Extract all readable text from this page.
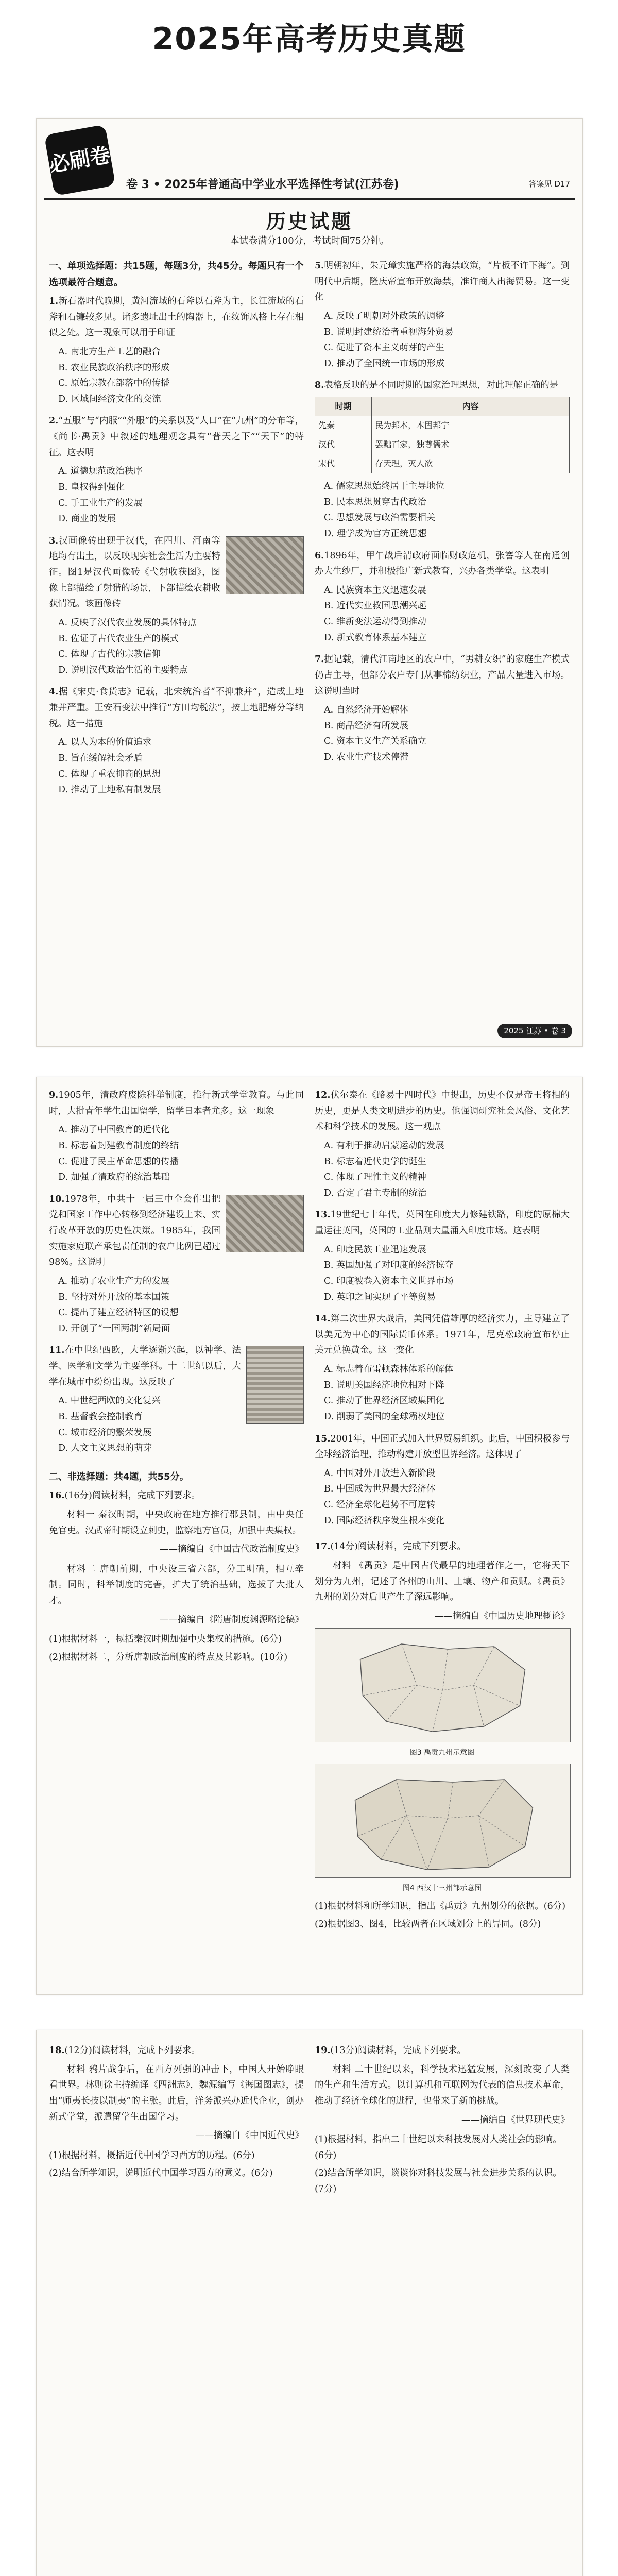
2025年高考历史真题
必刷卷
卷 3 • 2025年普通高中学业水平选择性考试(江苏卷)	答案见 D17
历史试题
本试卷满分100分，考试时间75分钟。

一、单项选择题：共15题，每题3分，共45分。每题只有一个选项最符合题意。

1.新石器时代晚期，黄河流域的石斧以石斧为主，长江流域的石斧和石镰较多见。诸多遗址出土的陶器上，在纹饰风格上存在相似之处。这一现象可以用于印证

A. 南北方生产工艺的融合
B. 农业民族政治秩序的形成
C. 原始宗教在部落中的传播
D. 区域间经济文化的交流

2.“五服”与“内服”“外服”的关系以及“人口”在“九州”的分布等，《尚书·禹贡》中叙述的地理观念具有“普天之下”“天下”的特征。这表明

A. 道德规范政治秩序
B. 皇权得到强化
C. 手工业生产的发展
D. 商业的发展

3.汉画像砖出现于汉代，在四川、河南等地均有出土，以反映现实社会生活为主要特征。图1是汉代画像砖《弋射收获图》，图像上部描绘了射猎的场景，下部描绘农耕收获情况。该画像砖

A. 反映了汉代农业发展的具体特点
B. 佐证了古代农业生产的模式
C. 体现了古代的宗教信仰
D. 说明汉代政治生活的主要特点

4.据《宋史·食货志》记载，北宋统治者“不抑兼并”，造成土地兼并严重。王安石变法中推行“方田均税法”，按土地肥瘠分等纳税。这一措施

A. 以人为本的价值追求
B. 旨在缓解社会矛盾
C. 体现了重农抑商的思想
D. 推动了土地私有制发展

5.明朝初年，朱元璋实施严格的海禁政策，“片板不许下海”。到明代中后期，隆庆帝宣布开放海禁，准许商人出海贸易。这一变化

A. 反映了明朝对外政策的调整
B. 说明封建统治者重视海外贸易
C. 促进了资本主义萌芽的产生
D. 推动了全国统一市场的形成

8.表格反映的是不同时期的国家治理思想，对此理解正确的是

时期	内容
先秦	民为邦本，本固邦宁
汉代	罢黜百家，独尊儒术
宋代	存天理，灭人欲
A. 儒家思想始终居于主导地位
B. 民本思想贯穿古代政治
C. 思想发展与政治需要相关
D. 理学成为官方正统思想

6.1896年，甲午战后清政府面临财政危机，张謇等人在南通创办大生纱厂，并积极推广新式教育，兴办各类学堂。这表明

A. 民族资本主义迅速发展
B. 近代实业救国思潮兴起
C. 维新变法运动得到推动
D. 新式教育体系基本建立

7.据记载，清代江南地区的农户中，“男耕女织”的家庭生产模式仍占主导，但部分农户专门从事棉纺织业，产品大量进入市场。这说明当时

A. 自然经济开始解体
B. 商品经济有所发展
C. 资本主义生产关系确立
D. 农业生产技术停滞
2025 江苏 • 卷 3

9.1905年，清政府废除科举制度，推行新式学堂教育。与此同时，大批青年学生出国留学，留学日本者尤多。这一现象

A. 推动了中国教育的近代化
B. 标志着封建教育制度的终结
C. 促进了民主革命思想的传播
D. 加强了清政府的统治基础

10.1978年，中共十一届三中全会作出把党和国家工作中心转移到经济建设上来、实行改革开放的历史性决策。1985年，我国实施家庭联产承包责任制的农户比例已超过98%。这说明

A. 推动了农业生产力的发展
B. 坚持对外开放的基本国策
C. 提出了建立经济特区的设想
D. 开创了“一国两制”新局面

11.在中世纪西欧，大学逐渐兴起，以神学、法学、医学和文学为主要学科。十二世纪以后，大学在城市中纷纷出现。这反映了

A. 中世纪西欧的文化复兴
B. 基督教会控制教育
C. 城市经济的繁荣发展
D. 人文主义思想的萌芽

二、非选择题：共4题，共55分。

16.(16分)阅读材料，完成下列要求。

材料一 秦汉时期，中央政府在地方推行郡县制，由中央任免官吏。汉武帝时期设立刺史，监察地方官员，加强中央集权。

——摘编自《中国古代政治制度史》

材料二 唐朝前期，中央设三省六部，分工明确，相互牵制。同时，科举制度的完善，扩大了统治基础，选拔了大批人才。

——摘编自《隋唐制度渊源略论稿》

(1)根据材料一，概括秦汉时期加强中央集权的措施。(6分)

(2)根据材料二，分析唐朝政治制度的特点及其影响。(10分)

12.伏尔泰在《路易十四时代》中提出，历史不仅是帝王将相的历史，更是人类文明进步的历史。他强调研究社会风俗、文化艺术和科学技术的发展。这一观点

A. 有利于推动启蒙运动的发展
B. 标志着近代史学的诞生
C. 体现了理性主义的精神
D. 否定了君主专制的统治

13.19世纪七十年代，英国在印度大力修建铁路，印度的原棉大量运往英国，英国的工业品则大量涌入印度市场。这表明

A. 印度民族工业迅速发展
B. 英国加强了对印度的经济掠夺
C. 印度被卷入资本主义世界市场
D. 英印之间实现了平等贸易

14.第二次世界大战后，美国凭借雄厚的经济实力，主导建立了以美元为中心的国际货币体系。1971年，尼克松政府宣布停止美元兑换黄金。这一变化

A. 标志着布雷顿森林体系的解体
B. 说明美国经济地位相对下降
C. 推动了世界经济区域集团化
D. 削弱了美国的全球霸权地位

15.2001年，中国正式加入世界贸易组织。此后，中国积极参与全球经济治理，推动构建开放型世界经济。这体现了

A. 中国对外开放进入新阶段
B. 中国成为世界最大经济体
C. 经济全球化趋势不可逆转
D. 国际经济秩序发生根本变化

17.(14分)阅读材料，完成下列要求。

材料 《禹贡》是中国古代最早的地理著作之一，它将天下划分为九州，记述了各州的山川、土壤、物产和贡赋。《禹贡》九州的划分对后世产生了深远影响。

——摘编自《中国历史地理概论》

图3 禹贡九州示意图
图4 西汉十三州部示意图

(1)根据材料和所学知识，指出《禹贡》九州划分的依据。(6分)

(2)根据图3、图4，比较两者在区域划分上的异同。(8分)

18.(12分)阅读材料，完成下列要求。

材料 鸦片战争后，在西方列强的冲击下，中国人开始睁眼看世界。林则徐主持编译《四洲志》，魏源编写《海国图志》，提出“师夷长技以制夷”的主张。此后，洋务派兴办近代企业，创办新式学堂，派遣留学生出国学习。

——摘编自《中国近代史》

(1)根据材料，概括近代中国学习西方的历程。(6分)

(2)结合所学知识，说明近代中国学习西方的意义。(6分)

19.(13分)阅读材料，完成下列要求。

材料 二十世纪以来，科学技术迅猛发展，深刻改变了人类的生产和生活方式。以计算机和互联网为代表的信息技术革命，推动了经济全球化的进程，也带来了新的挑战。

——摘编自《世界现代史》

(1)根据材料，指出二十世纪以来科技发展对人类社会的影响。(6分)

(2)结合所学知识，谈谈你对科技发展与社会进步关系的认识。(7分)
